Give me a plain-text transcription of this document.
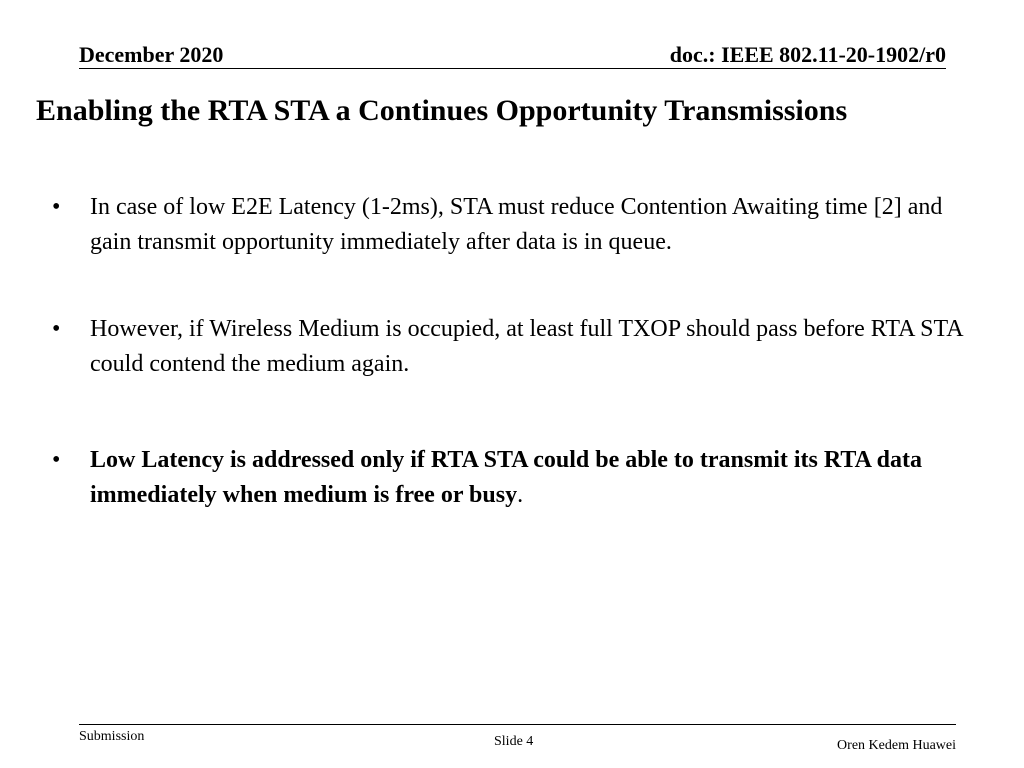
December 2020	doc.: IEEE 802.11-20-1902/r0
Enabling the RTA STA a Continues Opportunity Transmissions
•	In case of low E2E Latency (1-2ms), STA must reduce Contention Awaiting time [2] and gain transmit opportunity immediately after data is in queue.
•	However, if Wireless Medium is occupied, at least full TXOP should pass before RTA STA could contend the medium again.
•	Low Latency is addressed only if RTA STA could be able to transmit its RTA data immediately when medium is free or busy.
Submission	Slide 4	Oren Kedem Huawei
